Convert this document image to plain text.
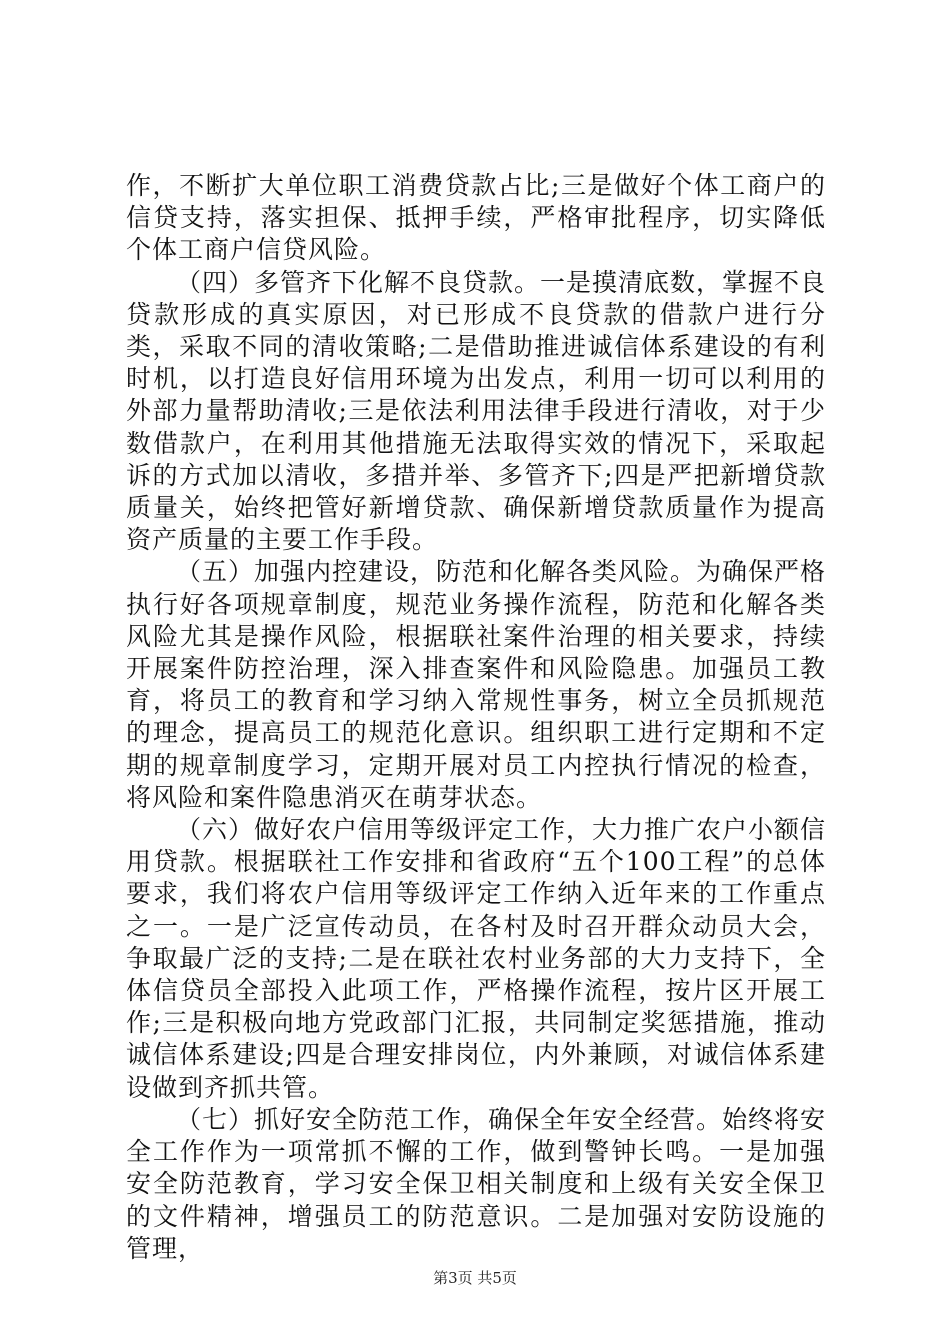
作，不断扩大单位职工消费贷款占比;三是做好个体工商户的信贷支持，落实担保、抵押手续，严格审批程序，切实降低个体工商户信贷风险。

（四）多管齐下化解不良贷款。一是摸清底数，掌握不良贷款形成的真实原因，对已形成不良贷款的借款户进行分类，采取不同的清收策略;二是借助推进诚信体系建设的有利时机，以打造良好信用环境为出发点，利用一切可以利用的外部力量帮助清收;三是依法利用法律手段进行清收，对于少数借款户，在利用其他措施无法取得实效的情况下，采取起诉的方式加以清收，多措并举、多管齐下;四是严把新增贷款质量关，始终把管好新增贷款、确保新增贷款质量作为提高资产质量的主要工作手段。

（五）加强内控建设，防范和化解各类风险。为确保严格执行好各项规章制度，规范业务操作流程，防范和化解各类风险尤其是操作风险，根据联社案件治理的相关要求，持续开展案件防控治理，深入排查案件和风险隐患。加强员工教育，将员工的教育和学习纳入常规性事务，树立全员抓规范的理念，提高员工的规范化意识。组织职工进行定期和不定期的规章制度学习，定期开展对员工内控执行情况的检查，将风险和案件隐患消灭在萌芽状态。

（六）做好农户信用等级评定工作，大力推广农户小额信用贷款。根据联社工作安排和省政府“五个100工程”的总体要求，我们将农户信用等级评定工作纳入近年来的工作重点之一。一是广泛宣传动员，在各村及时召开群众动员大会，争取最广泛的支持;二是在联社农村业务部的大力支持下，全体信贷员全部投入此项工作，严格操作流程，按片区开展工作;三是积极向地方党政部门汇报，共同制定奖惩措施，推动诚信体系建设;四是合理安排岗位，内外兼顾，对诚信体系建设做到齐抓共管。

（七）抓好安全防范工作，确保全年安全经营。始终将安全工作作为一项常抓不懈的工作，做到警钟长鸣。一是加强安全防范教育，学习安全保卫相关制度和上级有关安全保卫的文件精神，增强员工的防范意识。二是加强对安防设施的管理，

第3页 共5页
